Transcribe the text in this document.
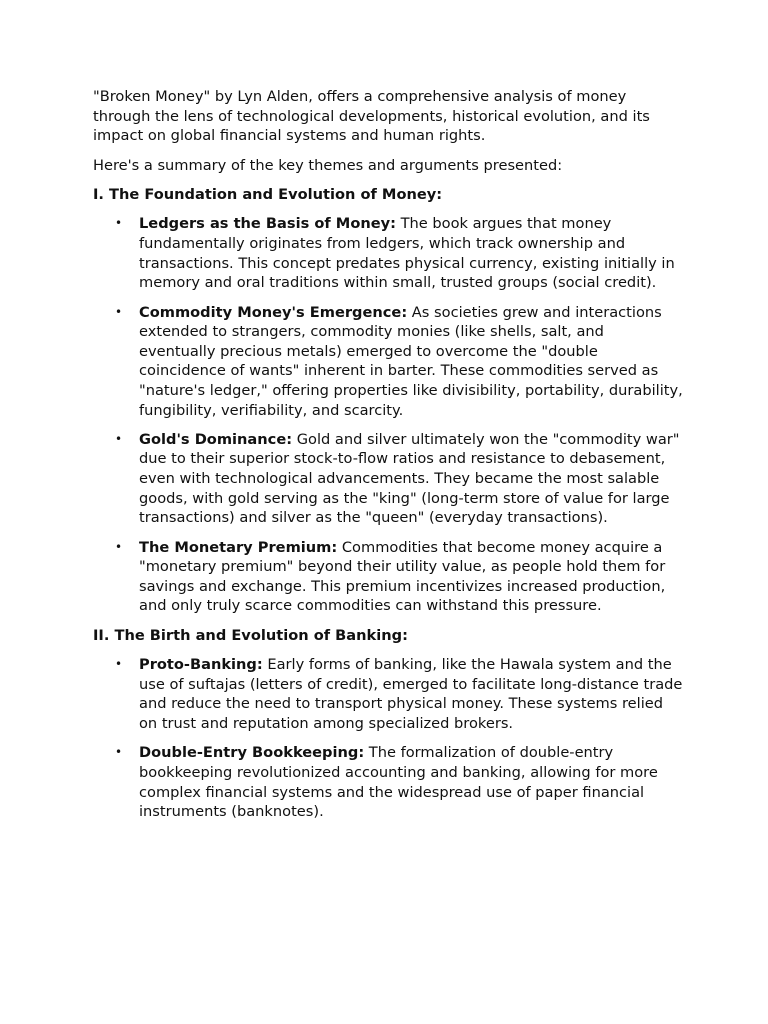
"Broken Money" by Lyn Alden, offers a comprehensive analysis of money through the lens of technological developments, historical evolution, and its impact on global financial systems and human rights.

Here's a summary of the key themes and arguments presented:

I. The Foundation and Evolution of Money:
• Ledgers as the Basis of Money: The book argues that money fundamentally originates from ledgers, which track ownership and transactions. This concept predates physical currency, existing initially in memory and oral traditions within small, trusted groups (social credit).
• Commodity Money's Emergence: As societies grew and interactions extended to strangers, commodity monies (like shells, salt, and eventually precious metals) emerged to overcome the "double coincidence of wants" inherent in barter. These commodities served as "nature's ledger," offering properties like divisibility, portability, durability, fungibility, verifiability, and scarcity.
• Gold's Dominance: Gold and silver ultimately won the "commodity war" due to their superior stock-to-flow ratios and resistance to debasement, even with technological advancements. They became the most salable goods, with gold serving as the "king" (long-term store of value for large transactions) and silver as the "queen" (everyday transactions).
• The Monetary Premium: Commodities that become money acquire a "monetary premium" beyond their utility value, as people hold them for savings and exchange. This premium incentivizes increased production, and only truly scarce commodities can withstand this pressure.
II. The Birth and Evolution of Banking:
• Proto-Banking: Early forms of banking, like the Hawala system and the use of suftajas (letters of credit), emerged to facilitate long-distance trade and reduce the need to transport physical money. These systems relied on trust and reputation among specialized brokers.
• Double-Entry Bookkeeping: The formalization of double-entry bookkeeping revolutionized accounting and banking, allowing for more complex financial systems and the widespread use of paper financial instruments (banknotes).
